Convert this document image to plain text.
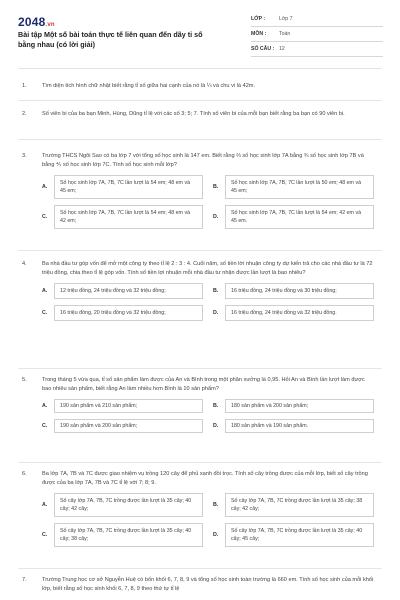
2048.vn
Bài tập Một số bài toán thực tế liên quan đến dãy tỉ số bằng nhau (có lời giải)
LỚP :	Lớp 7
MÔN :	Toán
SỐ CÂU : 12
1.	Tìm diện tích hình chữ nhật biết rằng tỉ số giữa hai cạnh của nó là ¼ và chu vi là 42m.
2.	Số viên bi của ba bạn Minh, Hùng, Dũng tỉ lệ với các số 3; 5; 7. Tính số viên bi của mỗi bạn biết rằng ba bạn có 90 viên bi.
3.	Trường THCS Ngôi Sao có ba lớp 7 với tổng số học sinh là 147 em. Biết rằng ⅔ số học sinh lớp 7A bằng ¾ số học sinh lớp 7B và bằng ⅘ số học sinh lớp 7C. Tính số học sinh mỗi lớp?
A.
Số học sinh lớp 7A, 7B, 7C lần lượt là 54 em; 48 em và 45 em;
B.
Số học sinh lớp 7A, 7B, 7C lần lượt là 50 em; 48 em và 45 em;
C.
Số học sinh lớp 7A, 7B, 7C lần lượt là 54 em; 48 em và 42 em;
D.
Số học sinh lớp 7A, 7B, 7C lần lượt là 54 em; 42 em và 45 em.
4.	Ba nhà đầu tư góp vốn để mở một công ty theo tỉ lệ 2 : 3 : 4. Cuối năm, số tiền lời nhuận công ty dự kiến trả cho các nhà đầu tư là 72 triệu đồng, chia theo tỉ lệ góp vốn. Tính số tiền lợi nhuận mỗi nhà đầu tư nhận được lần lượt là bao nhiêu?
A.	12 triệu đồng, 24 triệu đồng và 32 triệu đồng;	B.	16 triệu đồng, 24 triệu đồng và 30 triệu đồng;
C.	16 triệu đồng, 20 triệu đồng và 32 triệu đồng;	D.	16 triệu đồng, 24 triệu đồng và 32 triệu đồng.
5.	Trong tháng 5 vừa qua, tỉ số sản phẩm làm được của An và Bình trong một phân xưởng là 0,95. Hỏi An và Bình lần lượt làm được bao nhiêu sản phẩm, biết rằng An làm nhiều hơn Bình là 10 sản phẩm?
A.	190 sản phẩm và 210 sản phẩm;	B.	180 sản phẩm và 200 sản phẩm;
C.	190 sản phẩm và 200 sản phẩm;	D.	180 sản phẩm và 190 sản phẩm.
6.	Ba lớp 7A, 7B và 7C được giao nhiệm vụ trồng 120 cây để phủ xanh đồi trọc. Tính số cây trồng được của mỗi lớp, biết số cây trồng được của ba lớp 7A, 7B và 7C tỉ lệ với 7; 8; 9.
A.
Số cây lớp 7A, 7B, 7C trồng được lần lượt là 35 cây; 40 cây; 42 cây;
B.
Số cây lớp 7A, 7B, 7C trồng được lần lượt là 35 cây; 38 cây; 42 cây;
C.
Số cây lớp 7A, 7B, 7C trồng được lần lượt là 35 cây; 40 cây; 38 cây;
D.
Số cây lớp 7A, 7B, 7C trồng được lần lượt là 35 cây; 40 cây; 45 cây;
7.	Trường Trung học cơ sở Nguyễn Huệ có bốn khối 6, 7, 8, 9 và tổng số học sinh toàn trường là 660 em. Tính số học sinh của mỗi khối lớp, biết rằng số học sinh khối 6, 7, 8, 9 theo thứ tự tỉ lệ
